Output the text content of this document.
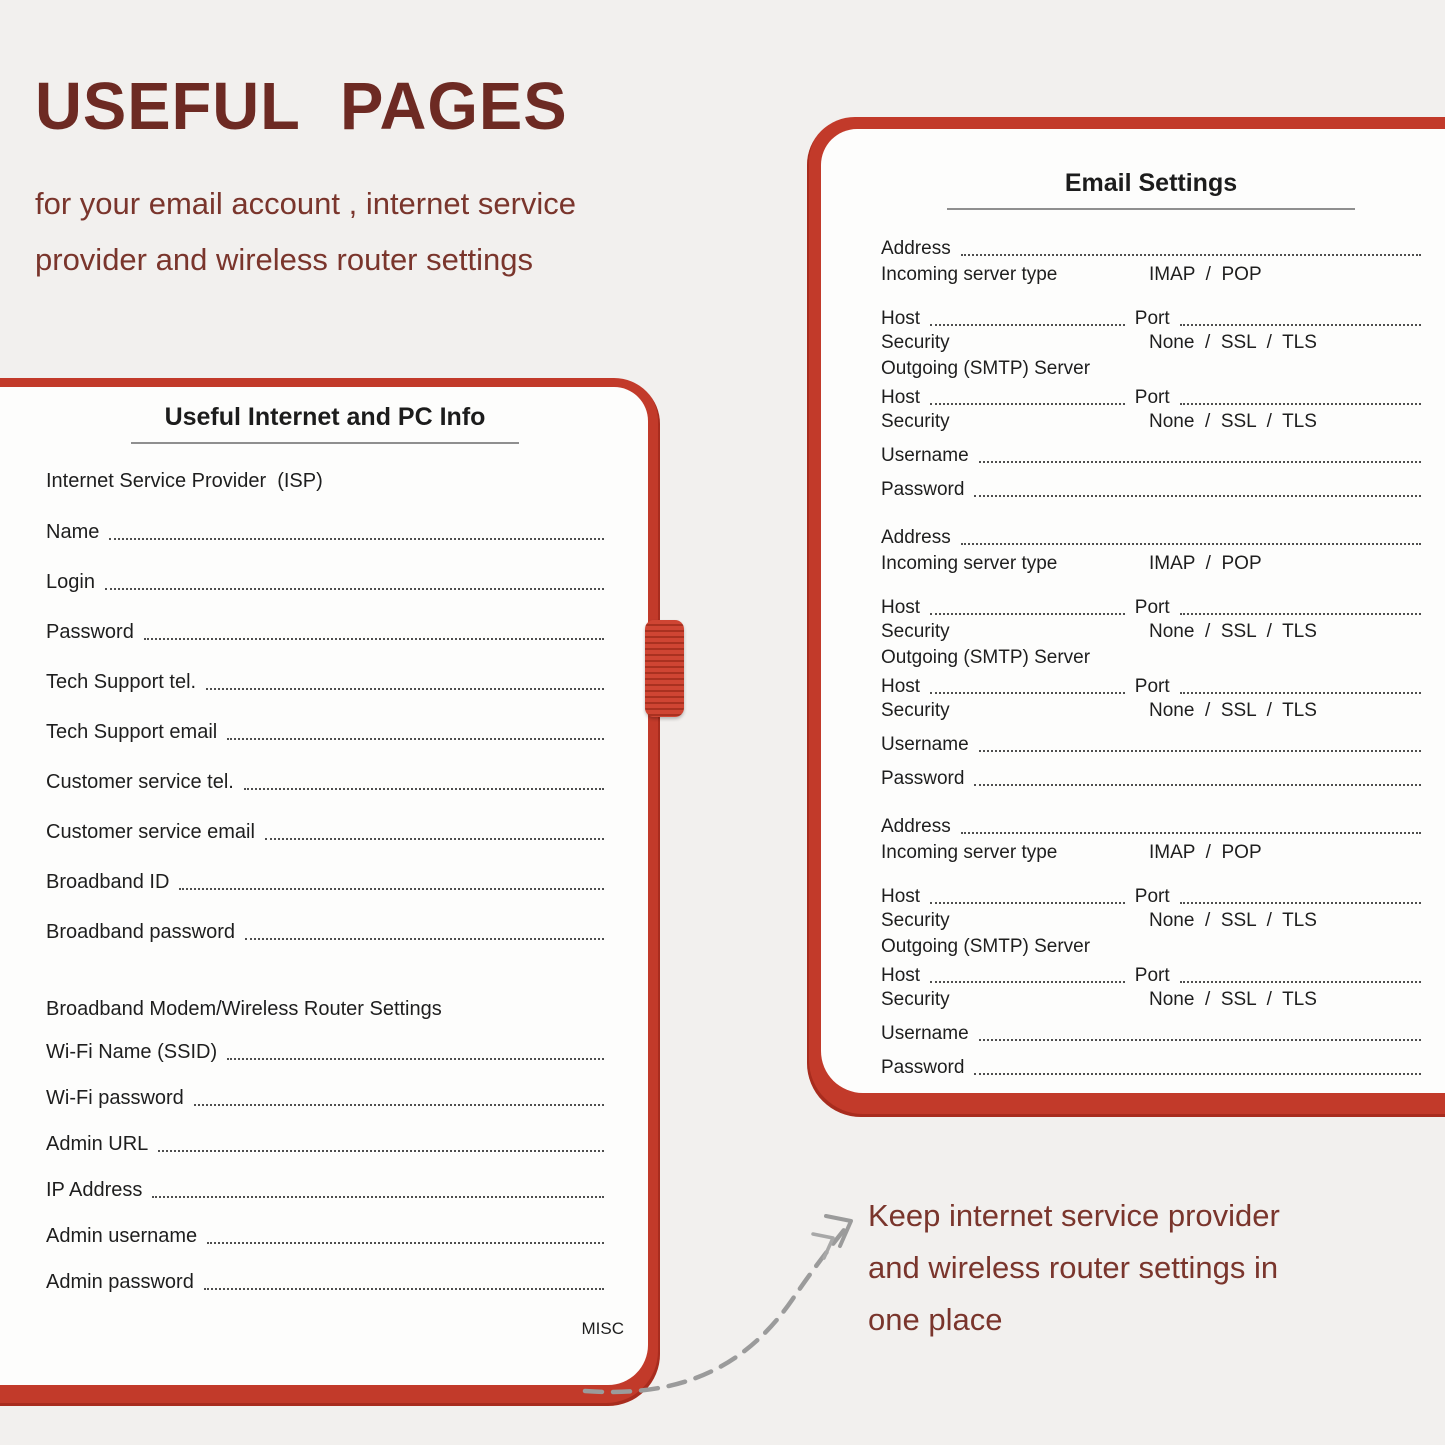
USEFUL PAGES
for your email account , internet service
provider and wireless router settings
Useful Internet and PC Info
Internet Service Provider  (ISP)
Name
Login
Password
Tech Support tel.
Tech Support email
Customer service tel.
Customer service email
Broadband ID
Broadband password
Broadband Modem/Wireless Router Settings
Wi-Fi Name (SSID)
Wi-Fi password
Admin URL
IP Address
Admin username
Admin password
MISC
Email Settings
Address
Incoming server type	IMAP  /  POP
Host	Port
Security	None  /  SSL  /  TLS
Outgoing (SMTP) Server
Host	Port
Security	None  /  SSL  /  TLS
Username
Password
Address
Incoming server type	IMAP  /  POP
Host	Port
Security	None  /  SSL  /  TLS
Outgoing (SMTP) Server
Host	Port
Security	None  /  SSL  /  TLS
Username
Password
Address
Incoming server type	IMAP  /  POP
Host	Port
Security	None  /  SSL  /  TLS
Outgoing (SMTP) Server
Host	Port
Security	None  /  SSL  /  TLS
Username
Password
Keep internet service provider
and wireless router settings in
one place
